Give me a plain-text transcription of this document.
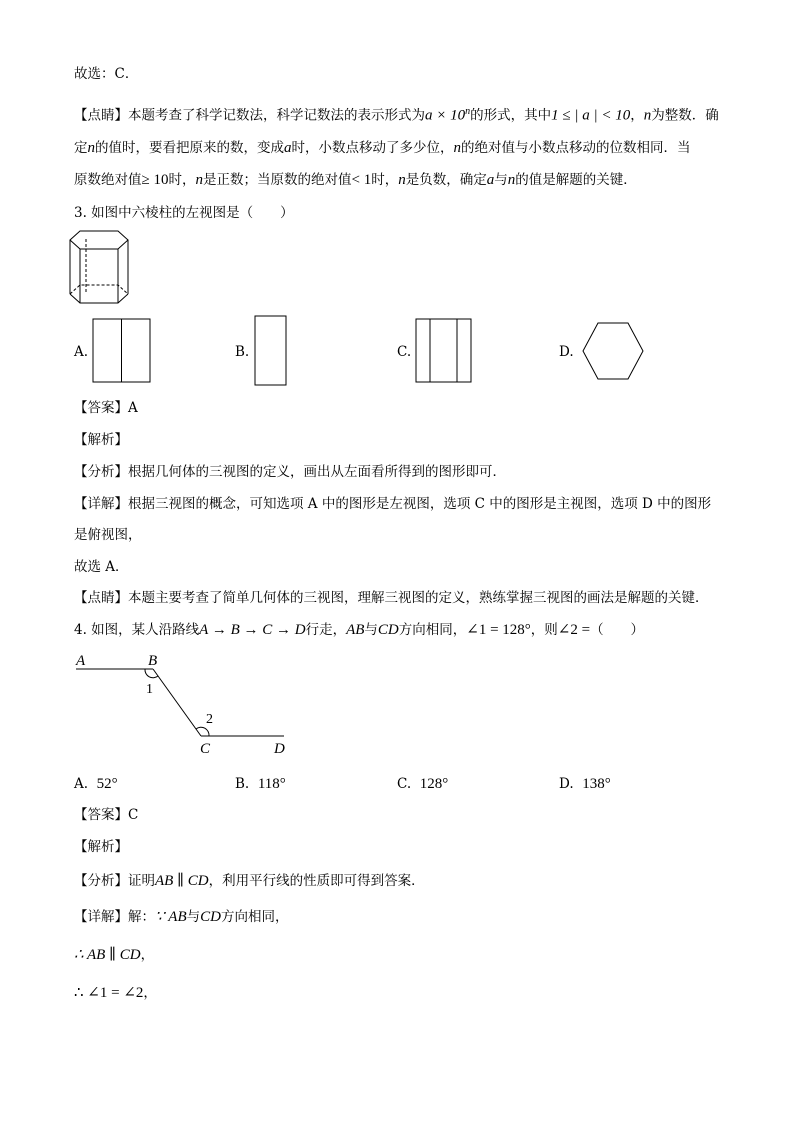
故选：C．
【点睛】本题考查了科学记数法，科学记数法的表示形式为$a \times 10^n$的形式，其中1 ≤ | a | < 10，n为整数．确
定n的值时，要看把原来的数，变成a时，小数点移动了多少位，n的绝对值与小数点移动的位数相同．当
原数绝对值≥ 10时，n是正数；当原数的绝对值< 1时，n是负数，确定a与n的值是解题的关键．
3. 如图中六棱柱的左视图是（　　）
A.	B.	C.	D.
【答案】A
【解析】
【分析】根据几何体的三视图的定义，画出从左面看所得到的图形即可．
【详解】根据三视图的概念，可知选项 A 中的图形是左视图，选项 C 中的图形是主视图，选项 D 中的图形
是俯视图，
故选 A．
【点睛】本题主要考查了简单几何体的三视图，理解三视图的定义，熟练掌握三视图的画法是解题的关键．
4. 如图，某人沿路线A → B → C → D行走，AB与CD方向相同，∠1 = 128°，则∠2 =（　　）
A	B
1
2
C	D
A. 52°	B. 118°	C. 128°	D. 138°
【答案】C
【解析】
【分析】证明AB ∥ CD，利用平行线的性质即可得到答案．
【详解】解：∵ AB与CD方向相同，
∴ AB ∥ CD，
∴ ∠1 = ∠2，
